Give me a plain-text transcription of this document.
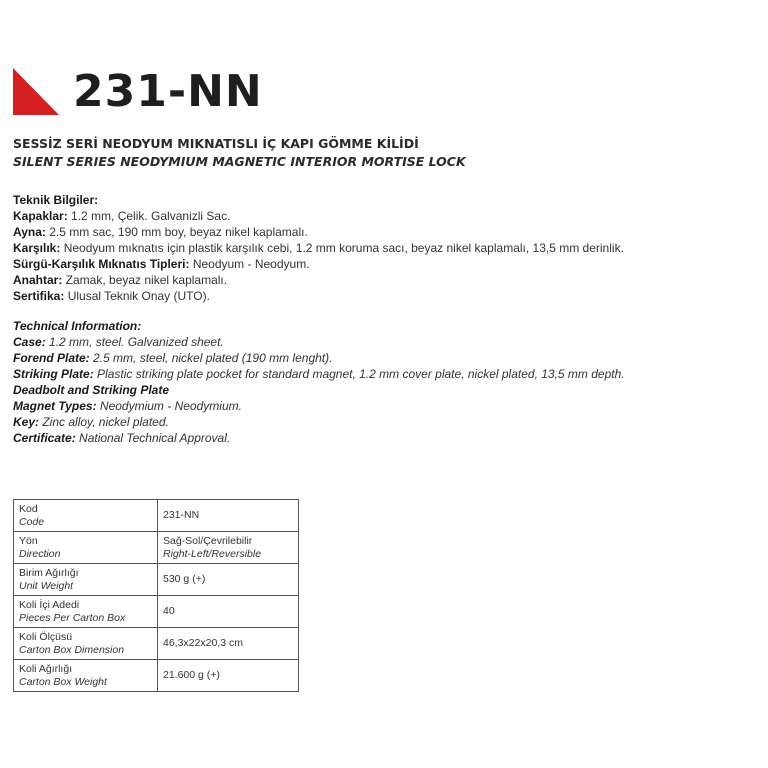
231-NN
SESSİZ SERİ NEODYUM MIKNATISLI İÇ KAPI GÖMME KİLİDİ
SILENT SERIES NEODYMIUM MAGNETIC INTERIOR MORTISE LOCK
Teknik Bilgiler:
Kapaklar: 1.2 mm, Çelik. Galvanizli Sac.
Ayna: 2.5 mm sac, 190 mm boy, beyaz nikel kaplamalı.
Karşılık: Neodyum mıknatıs için plastik karşılık cebi, 1.2 mm koruma sacı, beyaz nikel kaplamalı, 13,5 mm derinlik.
Sürgü-Karşılık Mıknatıs Tipleri: Neodyum - Neodyum.
Anahtar: Zamak, beyaz nikel kaplamalı.
Sertifika: Ulusal Teknik Onay (UTO).
Technical Information:
Case: 1.2 mm, steel. Galvanized sheet.
Forend Plate: 2.5 mm, steel, nickel plated (190 mm lenght).
Striking Plate: Plastic striking plate pocket for standard magnet, 1.2 mm cover plate, nickel plated, 13,5 mm depth.
Deadbolt and Striking Plate
Magnet Types: Neodymium - Neodymium.
Key: Zinc alloy, nickel plated.
Certificate: National Technical Approval.
Kod
Code	231-NN

Yön
Direction	Sağ-Sol/Çevrilebilir
Right-Left/Reversible

Birim Ağırlığı
Unit Weight	530 g (+)

Koli İçi Adedi
Pieces Per Carton Box	40

Koli Ölçüsü
Carton Box Dimension	46,3x22x20,3 cm

Koli Ağırlığı
Carton Box Weight	21.600 g (+)
